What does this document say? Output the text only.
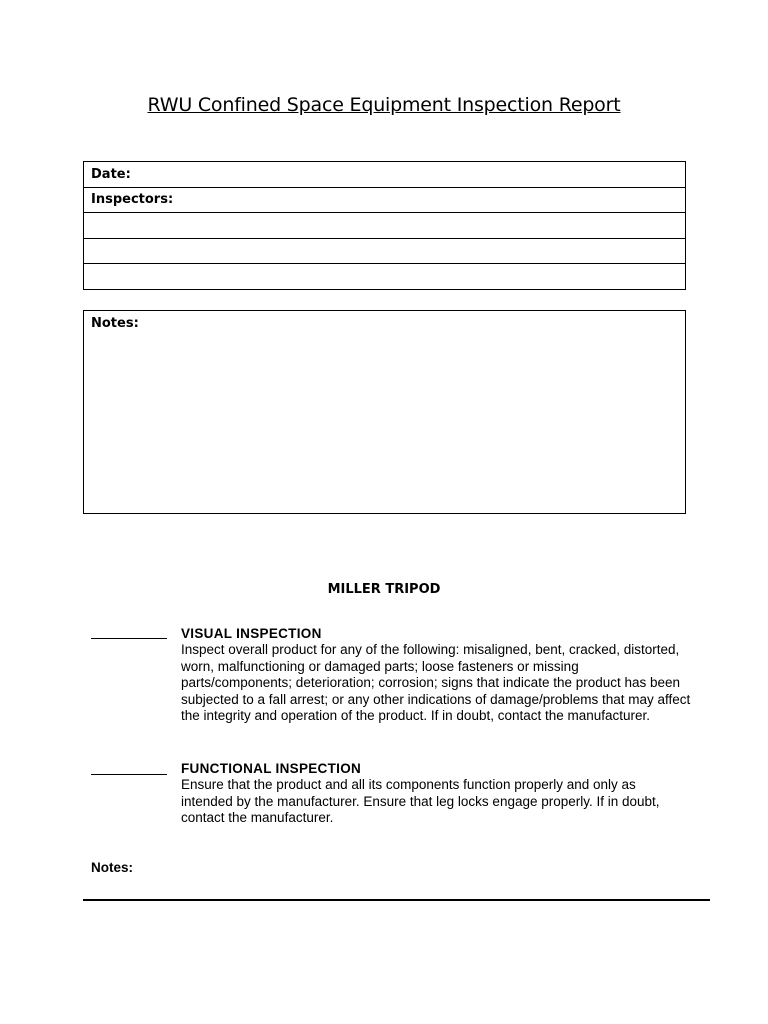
RWU Confined Space Equipment Inspection Report
Date:
Inspectors:

Notes:
MILLER TRIPOD
VISUAL INSPECTION
Inspect overall product for any of the following: misaligned, bent, cracked, distorted, worn, malfunctioning or damaged parts; loose fasteners or missing parts/components; deterioration; corrosion; signs that indicate the product has been subjected to a fall arrest; or any other indications of damage/problems that may affect the integrity and operation of the product. If in doubt, contact the manufacturer.
FUNCTIONAL INSPECTION
Ensure that the product and all its components function properly and only as intended by the manufacturer. Ensure that leg locks engage properly. If in doubt, contact the manufacturer.
Notes:
